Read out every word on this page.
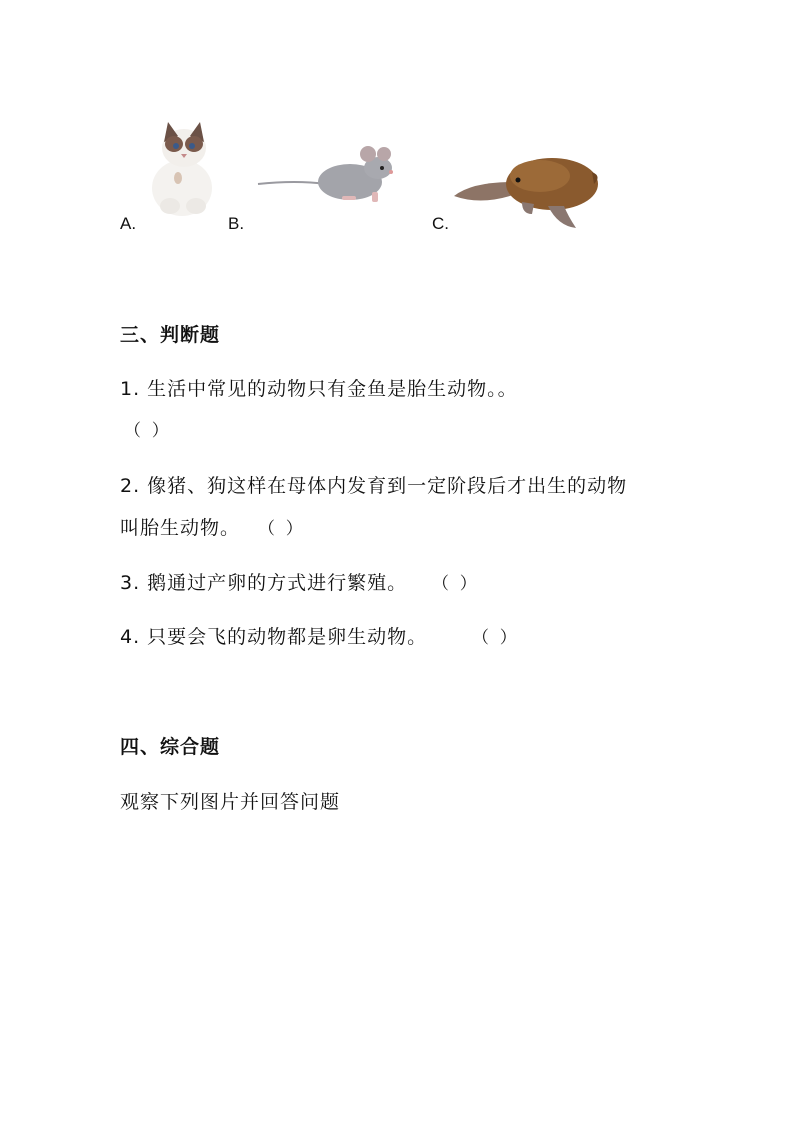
A.	B.	C.
三、判断题
1. 生活中常见的动物只有金鱼是胎生动物。。
（  ）
2. 像猪、狗这样在母体内发育到一定阶段后才出生的动物
叫胎生动物。 （  ）
3. 鹅通过产卵的方式进行繁殖。 （  ）
4. 只要会飞的动物都是卵生动物。	（  ）
四、综合题
观察下列图片并回答问题
